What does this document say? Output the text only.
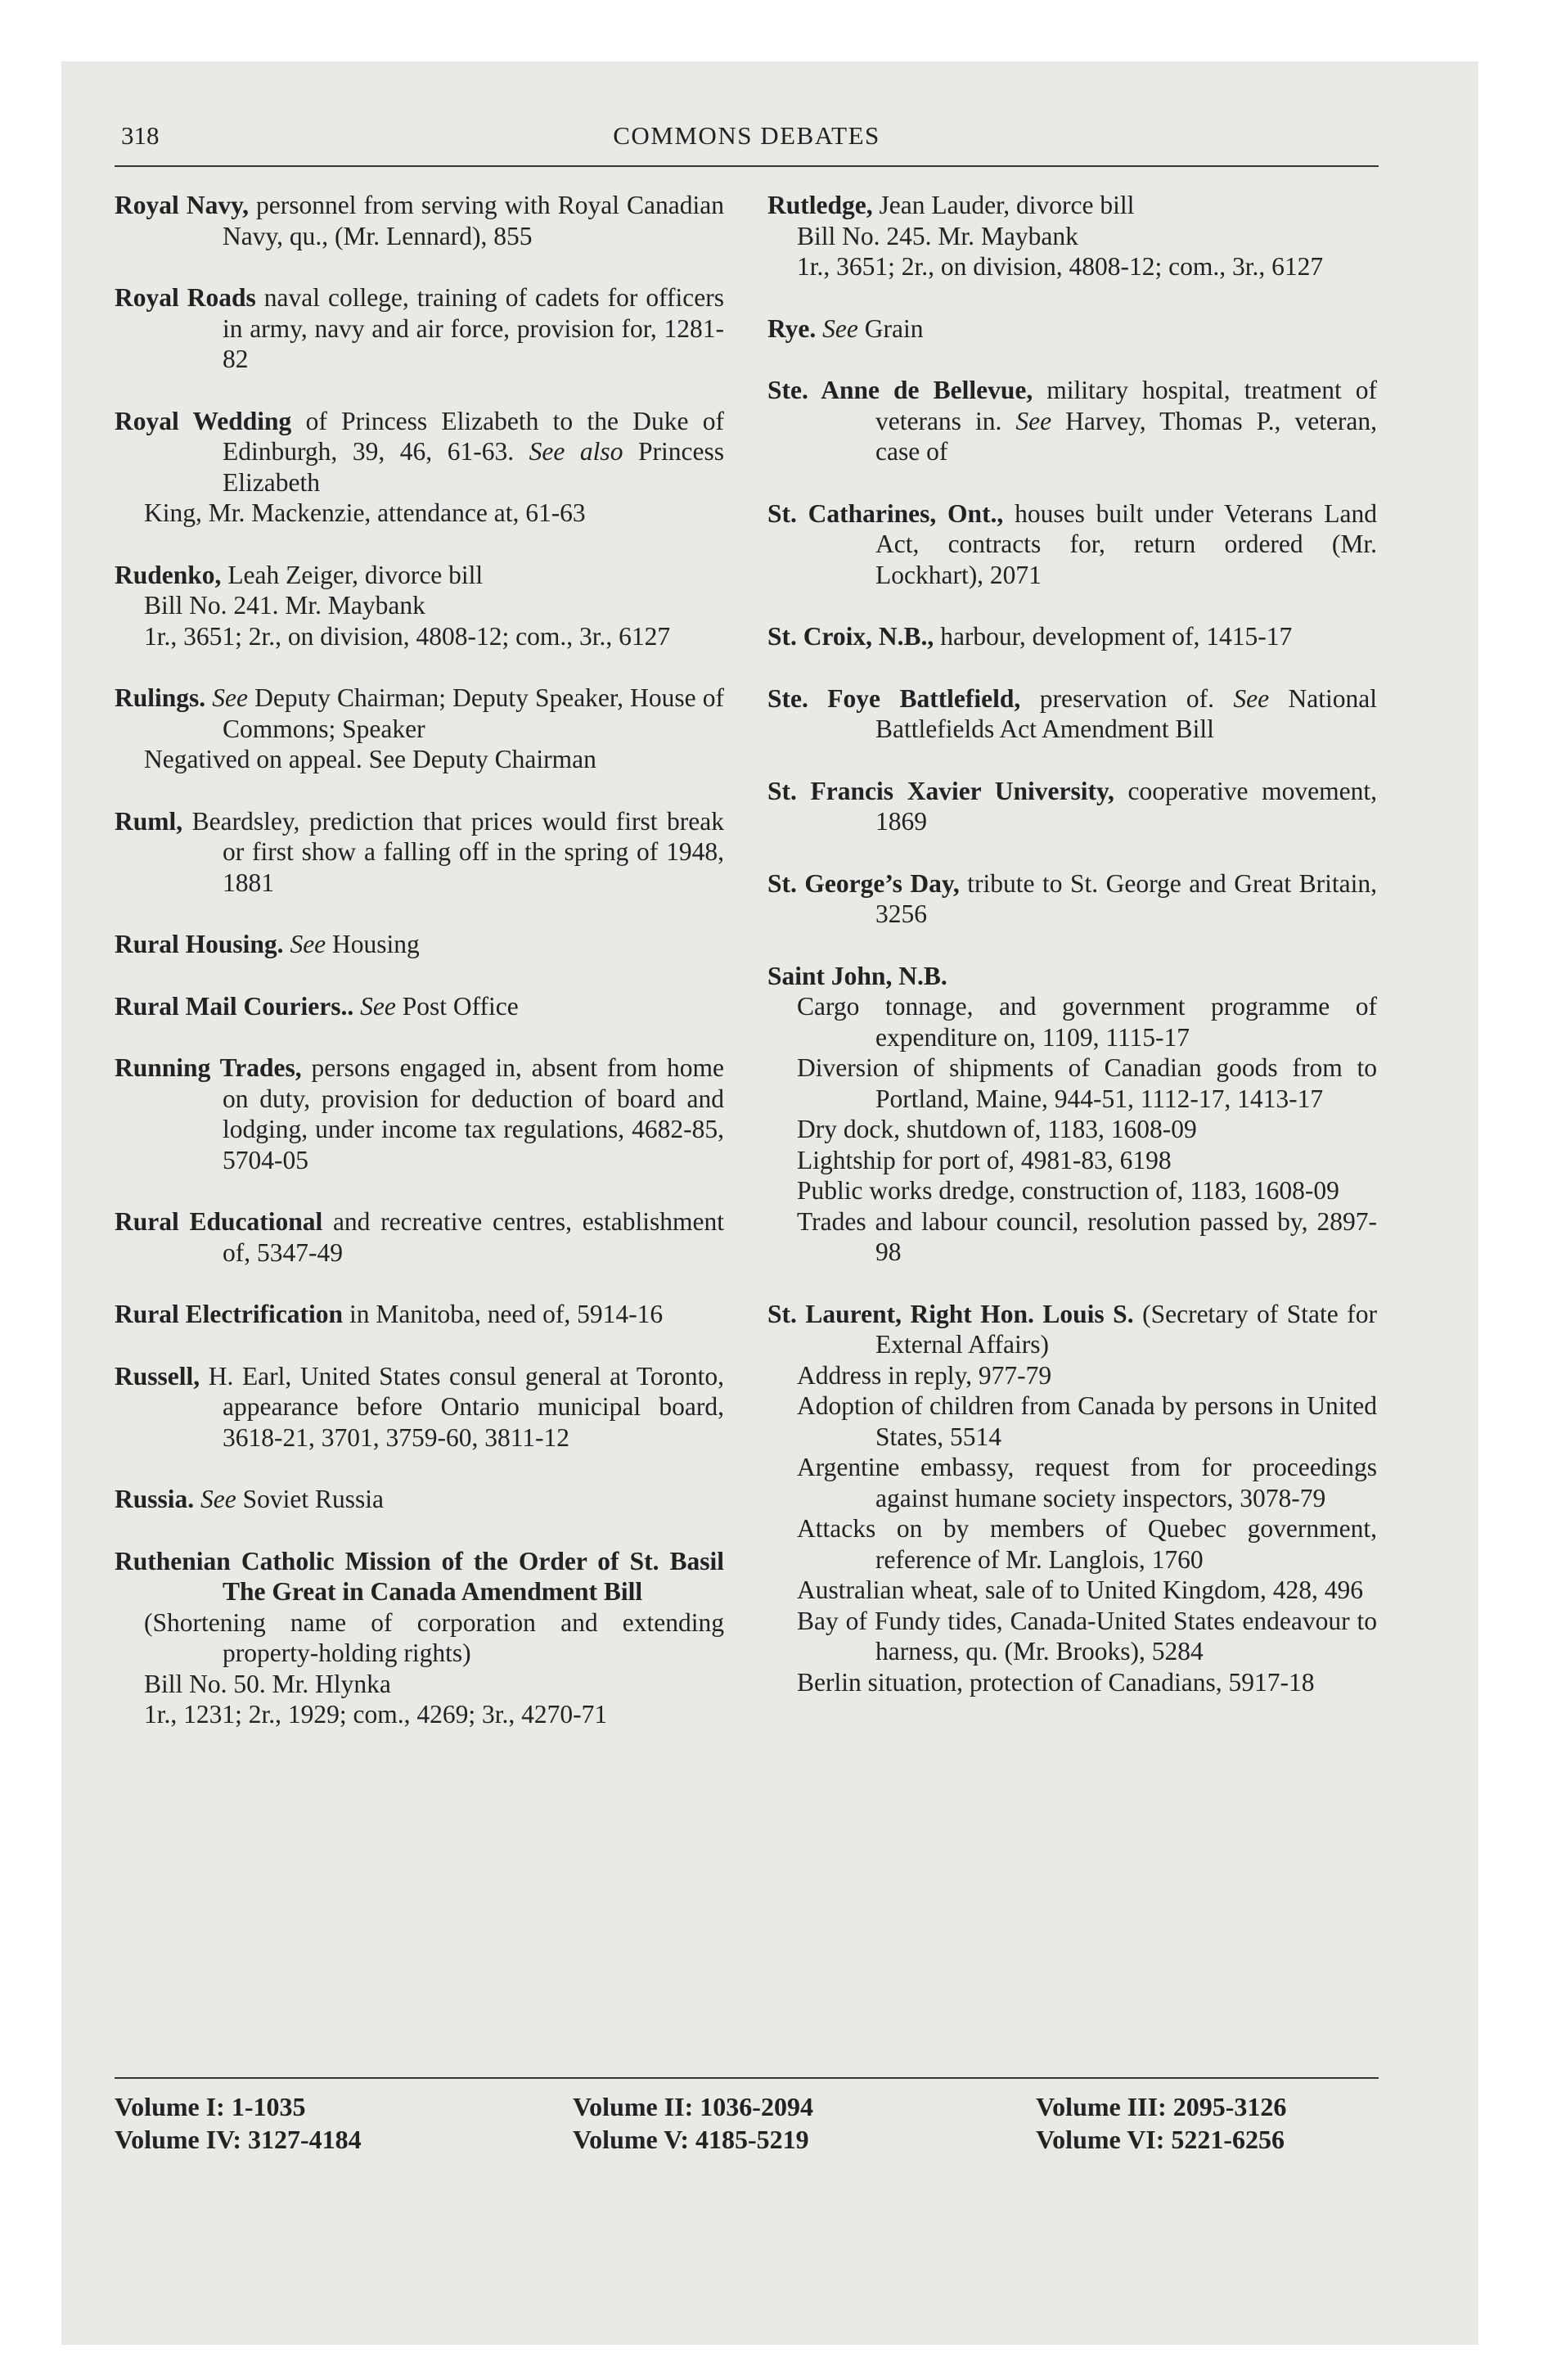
318	COMMONS DEBATES
Royal Navy, personnel from serving with Royal Canadian Navy, qu., (Mr. Lennard), 855
Royal Roads naval college, training of cadets for officers in army, navy and air force, provision for, 1281-82
Royal Wedding of Princess Elizabeth to the Duke of Edinburgh, 39, 46, 61-63. See also Princess Elizabeth
King, Mr. Mackenzie, attendance at, 61-63
Rudenko, Leah Zeiger, divorce bill
Bill No. 241. Mr. Maybank
1r., 3651; 2r., on division, 4808-12; com., 3r., 6127
Rulings. See Deputy Chairman; Deputy Speaker, House of Commons; Speaker
Negatived on appeal. See Deputy Chairman
Ruml, Beardsley, prediction that prices would first break or first show a falling off in the spring of 1948, 1881
Rural Housing. See Housing
Rural Mail Couriers.. See Post Office
Running Trades, persons engaged in, absent from home on duty, provision for deduction of board and lodging, under income tax regulations, 4682-85, 5704-05
Rural Educational and recreative centres, establishment of, 5347-49
Rural Electrification in Manitoba, need of, 5914-16
Russell, H. Earl, United States consul general at Toronto, appearance before Ontario municipal board, 3618-21, 3701, 3759-60, 3811-12
Russia. See Soviet Russia
Ruthenian Catholic Mission of the Order of St. Basil The Great in Canada Amendment Bill
(Shortening name of corporation and extending property-holding rights)
Bill No. 50. Mr. Hlynka
1r., 1231; 2r., 1929; com., 4269; 3r., 4270-71
Rutledge, Jean Lauder, divorce bill
Bill No. 245. Mr. Maybank
1r., 3651; 2r., on division, 4808-12; com., 3r., 6127
Rye. See Grain
Ste. Anne de Bellevue, military hospital, treatment of veterans in. See Harvey, Thomas P., veteran, case of
St. Catharines, Ont., houses built under Veterans Land Act, contracts for, return ordered (Mr. Lockhart), 2071
St. Croix, N.B., harbour, development of, 1415-17
Ste. Foye Battlefield, preservation of. See National Battlefields Act Amendment Bill
St. Francis Xavier University, cooperative movement, 1869
St. George’s Day, tribute to St. George and Great Britain, 3256
Saint John, N.B.
Cargo tonnage, and government programme of expenditure on, 1109, 1115-17
Diversion of shipments of Canadian goods from to Portland, Maine, 944-51, 1112-17, 1413-17
Dry dock, shutdown of, 1183, 1608-09
Lightship for port of, 4981-83, 6198
Public works dredge, construction of, 1183, 1608-09
Trades and labour council, resolution passed by, 2897-98
St. Laurent, Right Hon. Louis S. (Secretary of State for External Affairs)
Address in reply, 977-79
Adoption of children from Canada by persons in United States, 5514
Argentine embassy, request from for proceedings against humane society inspectors, 3078-79
Attacks on by members of Quebec government, reference of Mr. Langlois, 1760
Australian wheat, sale of to United Kingdom, 428, 496
Bay of Fundy tides, Canada-United States endeavour to harness, qu. (Mr. Brooks), 5284
Berlin situation, protection of Canadians, 5917-18
Volume I: 1-1035
Volume IV: 3127-4184
Volume II: 1036-2094
Volume V: 4185-5219
Volume III: 2095-3126
Volume VI: 5221-6256
